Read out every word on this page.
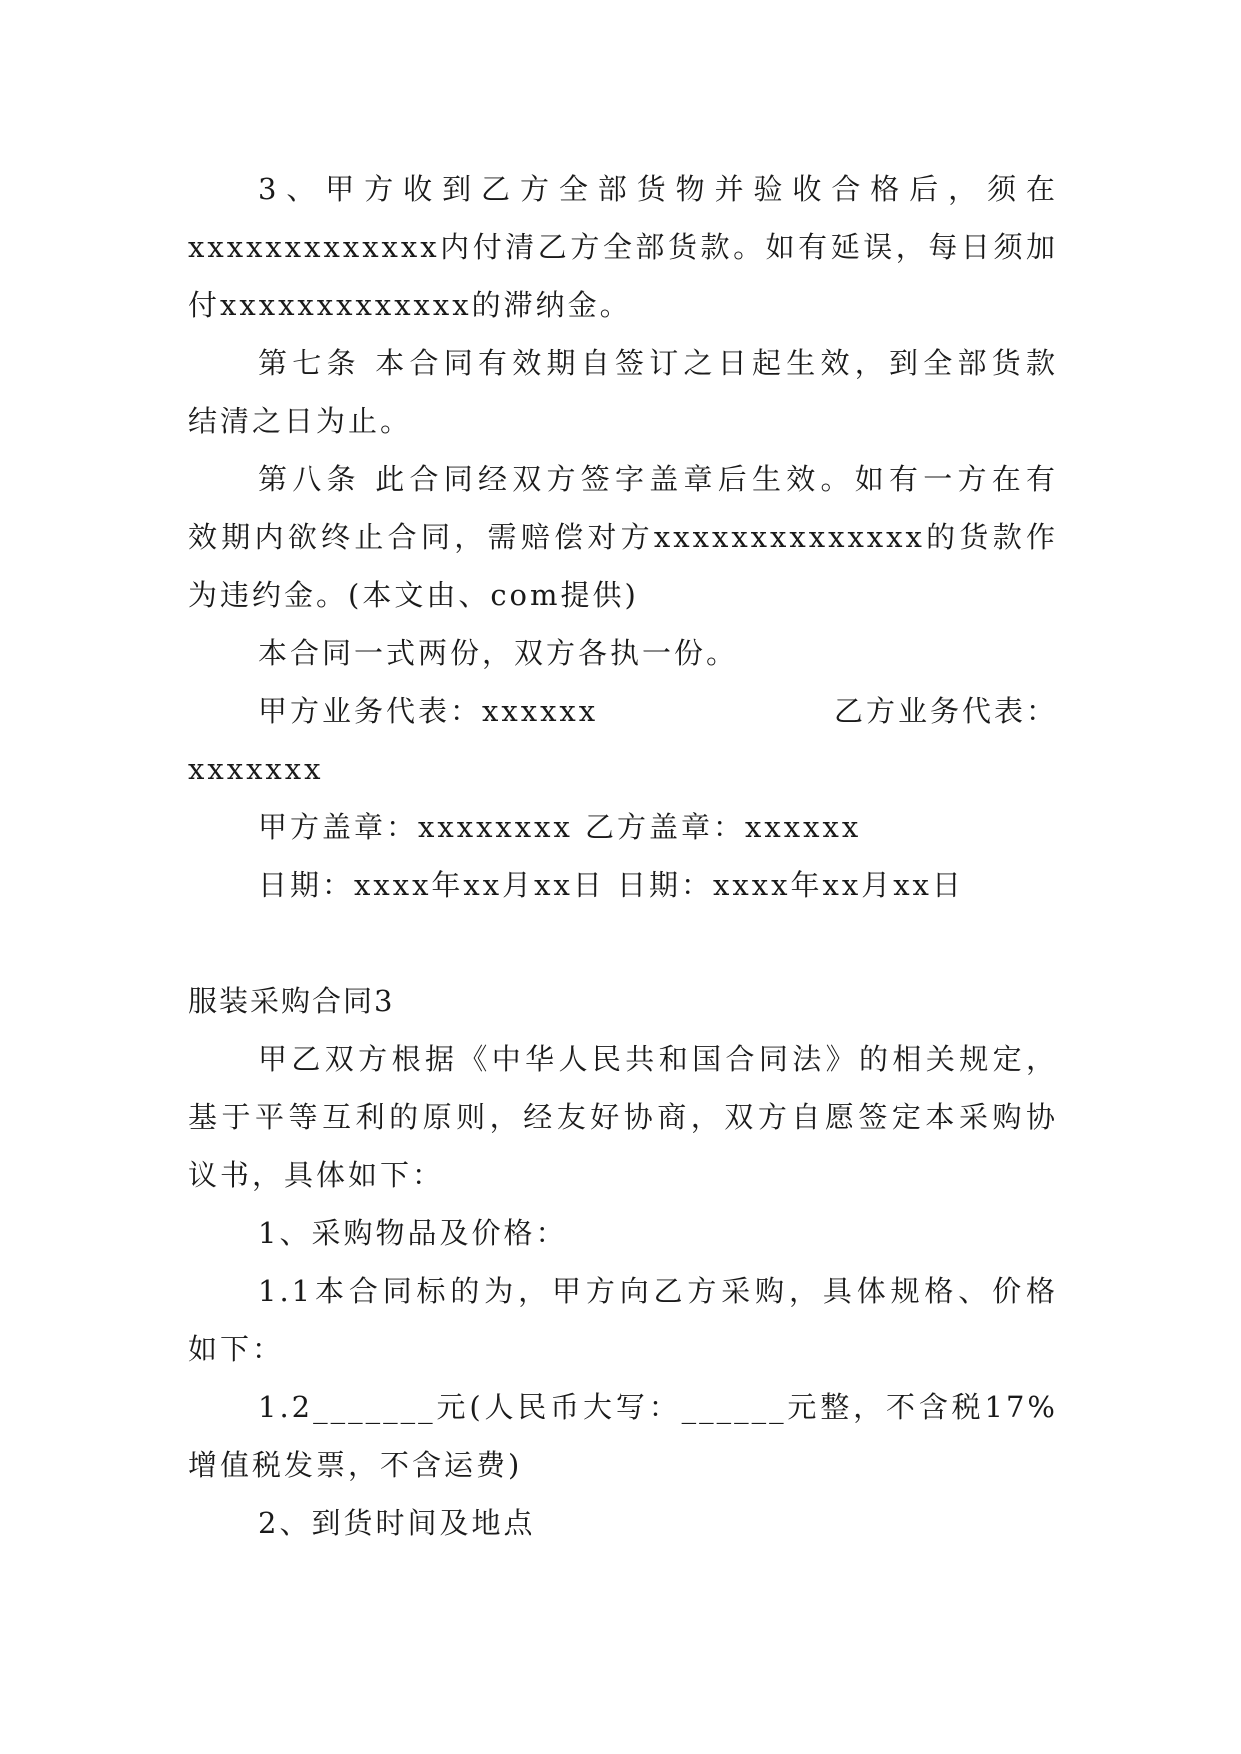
3、甲方收到乙方全部货物并验收合格后，须在
xxxxxxxxxxxxx内付清乙方全部货款。如有延误，每日须加
付xxxxxxxxxxxxx的滞纳金。
第七条 本合同有效期自签订之日起生效，到全部货款
结清之日为止。
第八条 此合同经双方签字盖章后生效。如有一方在有
效期内欲终止合同，需赔偿对方xxxxxxxxxxxxxx的货款作
为违约金。(本文由、com提供)
本合同一式两份，双方各执一份。
甲方业务代表：xxxxxx	乙方业务代表：
xxxxxxx
甲方盖章：xxxxxxxx 乙方盖章：xxxxxx
日期：xxxx年xx月xx日 日期：xxxx年xx月xx日
服装采购合同3
甲乙双方根据《中华人民共和国合同法》的相关规定，
基于平等互利的原则，经友好协商，双方自愿签定本采购协
议书，具体如下：
1、采购物品及价格：
1.1本合同标的为，甲方向乙方采购，具体规格、价格
如下：
1.2_______元(人民币大写：______元整，不含税17%
增值税发票，不含运费)
2、到货时间及地点
